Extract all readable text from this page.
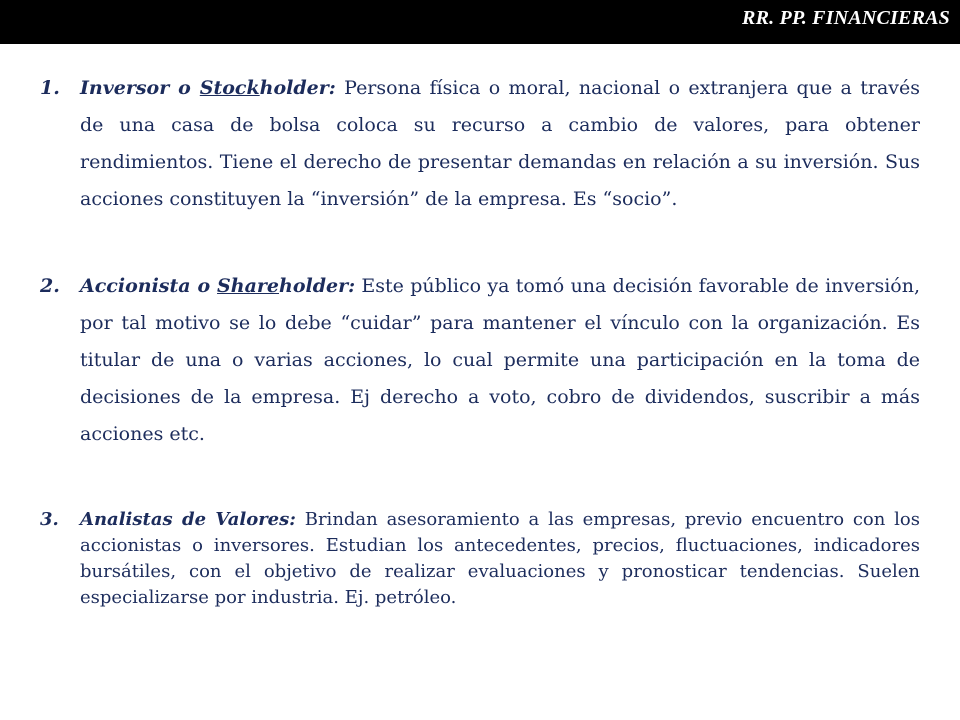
RR. PP. FINANCIERAS
1. Inversor o Stockholder: Persona física o moral, nacional o extranjera que a través de una casa de bolsa coloca su recurso a cambio de valores, para obtener rendimientos. Tiene el derecho de presentar demandas en relación a su inversión. Sus acciones constituyen la “inversión” de la empresa. Es “socio”.

2. Accionista o Shareholder: Este público ya tomó una decisión favorable de inversión, por tal motivo se lo debe “cuidar” para mantener el vínculo con la organización. Es titular de una o varias acciones, lo cual permite una participación en la toma de decisiones de la empresa. Ej derecho a voto, cobro de dividendos, suscribir a más acciones etc.

3. Analistas de Valores: Brindan asesoramiento a las empresas, previo encuentro con los accionistas o inversores. Estudian los antecedentes, precios, fluctuaciones, indicadores bursátiles, con el objetivo de realizar evaluaciones y pronosticar tendencias. Suelen especializarse por industria. Ej. petróleo.
